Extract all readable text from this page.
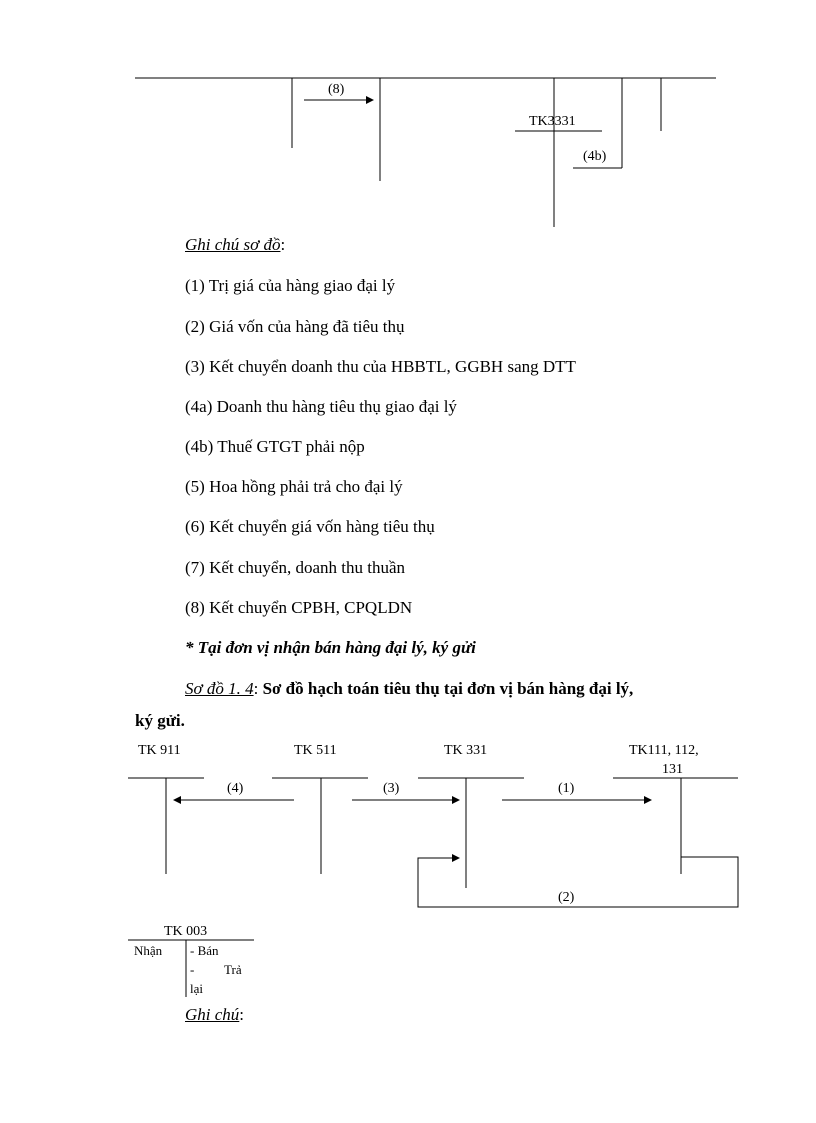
(8)
TK3331
(4b)
Ghi chú sơ đồ:
(1) Trị giá của hàng giao đại lý
(2) Giá vốn của hàng đã tiêu thụ
(3) Kết chuyển doanh thu của HBBTL, GGBH sang DTT
(4a) Doanh thu hàng tiêu thụ giao đại lý
(4b) Thuế GTGT phải nộp
(5) Hoa hồng phải trả cho đại lý
(6) Kết chuyển giá vốn hàng tiêu thụ
(7) Kết chuyển, doanh thu thuần
(8) Kết chuyển CPBH, CPQLDN
* Tại đơn vị nhận bán hàng đại lý, ký gửi
Sơ đồ 1. 4: Sơ đồ hạch toán tiêu thụ tại đơn vị bán hàng đại lý,
ký gửi.
TK 911	TK 511	TK 331	TK111, 112,
131
(4)	(3)	(1)
(2)
TK 003
Nhận - Bán
- Trả
lại
Ghi chú:
